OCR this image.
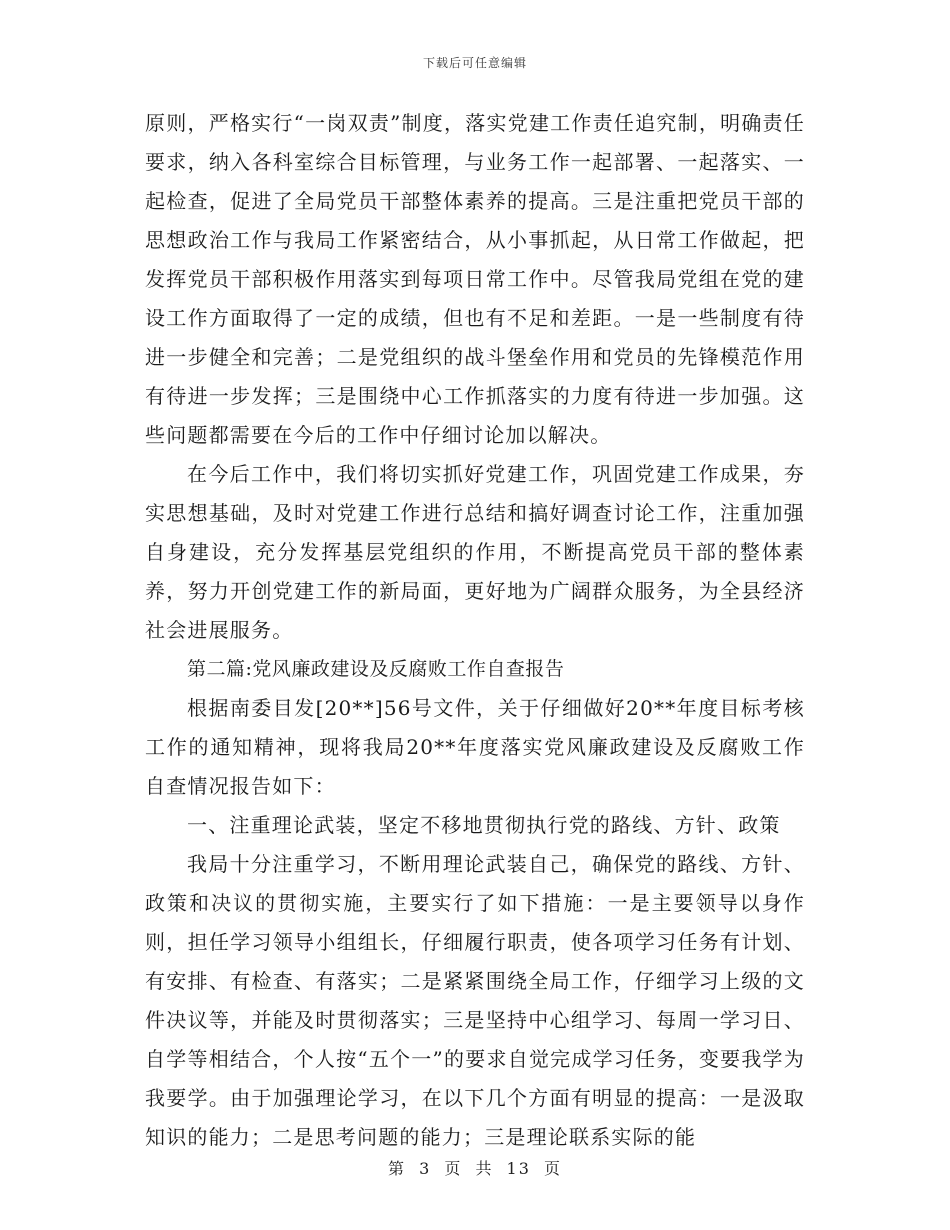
下载后可任意编辑

原则，严格实行“一岗双责”制度，落实党建工作责任追究制，明确责任要求，纳入各科室综合目标管理，与业务工作一起部署、一起落实、一起检查，促进了全局党员干部整体素养的提高。三是注重把党员干部的思想政治工作与我局工作紧密结合，从小事抓起，从日常工作做起，把发挥党员干部积极作用落实到每项日常工作中。尽管我局党组在党的建设工作方面取得了一定的成绩，但也有不足和差距。一是一些制度有待进一步健全和完善；二是党组织的战斗堡垒作用和党员的先锋模范作用有待进一步发挥；三是围绕中心工作抓落实的力度有待进一步加强。这些问题都需要在今后的工作中仔细讨论加以解决。

在今后工作中，我们将切实抓好党建工作，巩固党建工作成果，夯实思想基础，及时对党建工作进行总结和搞好调查讨论工作，注重加强自身建设，充分发挥基层党组织的作用，不断提高党员干部的整体素养，努力开创党建工作的新局面，更好地为广阔群众服务，为全县经济社会进展服务。

第二篇:党风廉政建设及反腐败工作自查报告

根据南委目发[20**]56号文件，关于仔细做好20**年度目标考核工作的通知精神，现将我局20**年度落实党风廉政建设及反腐败工作自查情况报告如下：

一、注重理论武装，坚定不移地贯彻执行党的路线、方针、政策

我局十分注重学习，不断用理论武装自己，确保党的路线、方针、政策和决议的贯彻实施，主要实行了如下措施：一是主要领导以身作则，担任学习领导小组组长，仔细履行职责，使各项学习任务有计划、有安排、有检查、有落实；二是紧紧围绕全局工作，仔细学习上级的文件决议等，并能及时贯彻落实；三是坚持中心组学习、每周一学习日、自学等相结合，个人按“五个一”的要求自觉完成学习任务，变要我学为我要学。由于加强理论学习，在以下几个方面有明显的提高：一是汲取知识的能力；二是思考问题的能力；三是理论联系实际的能

第 3 页 共 13 页
